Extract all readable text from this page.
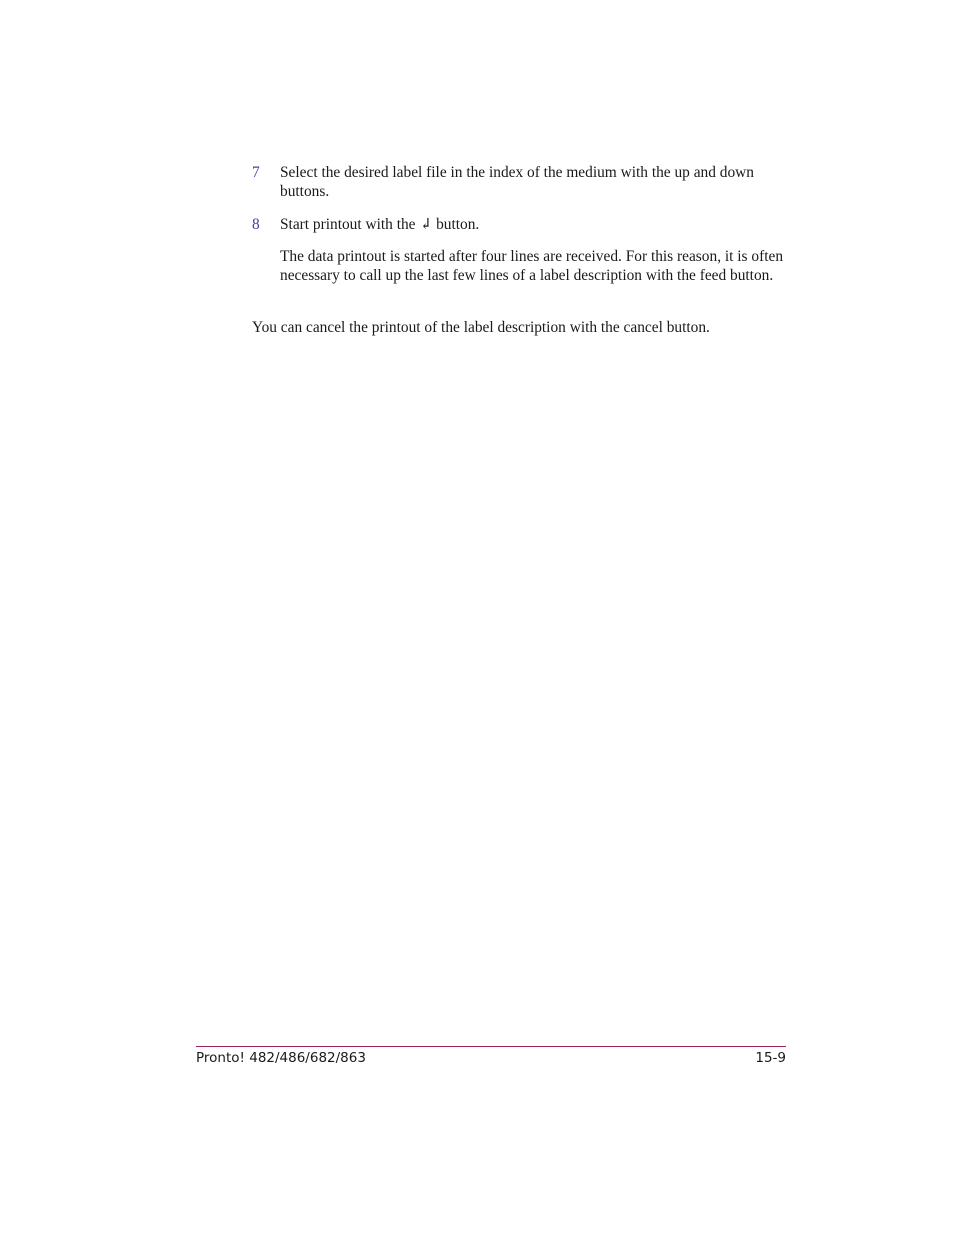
7 Select the desired label file in the index of the medium with the up and down buttons.
8 Start printout with the ↲ button.

The data printout is started after four lines are received. For this reason, it is often necessary to call up the last few lines of a label description with the feed button.

You can cancel the printout of the label description with the cancel button.

Pronto! 482/486/682/863	15-9
